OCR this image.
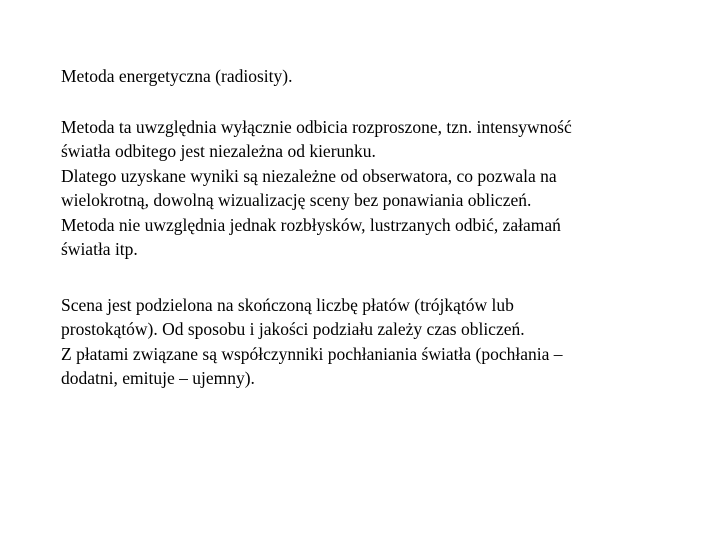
Metoda energetyczna (radiosity).

Metoda ta uwzględnia wyłącznie odbicia rozproszone, tzn. intensywność
światła odbitego jest niezależna od kierunku.

Dlatego uzyskane wyniki są niezależne od obserwatora, co pozwala na
wielokrotną, dowolną wizualizację sceny bez ponawiania obliczeń.

Metoda nie uwzględnia jednak rozbłysków, lustrzanych odbić, załamań
światła itp.

Scena jest podzielona na skończoną liczbę płatów (trójkątów lub
prostokątów). Od sposobu i jakości podziału zależy czas obliczeń.

Z płatami związane są współczynniki pochłaniania światła (pochłania –
dodatni, emituje – ujemny).
